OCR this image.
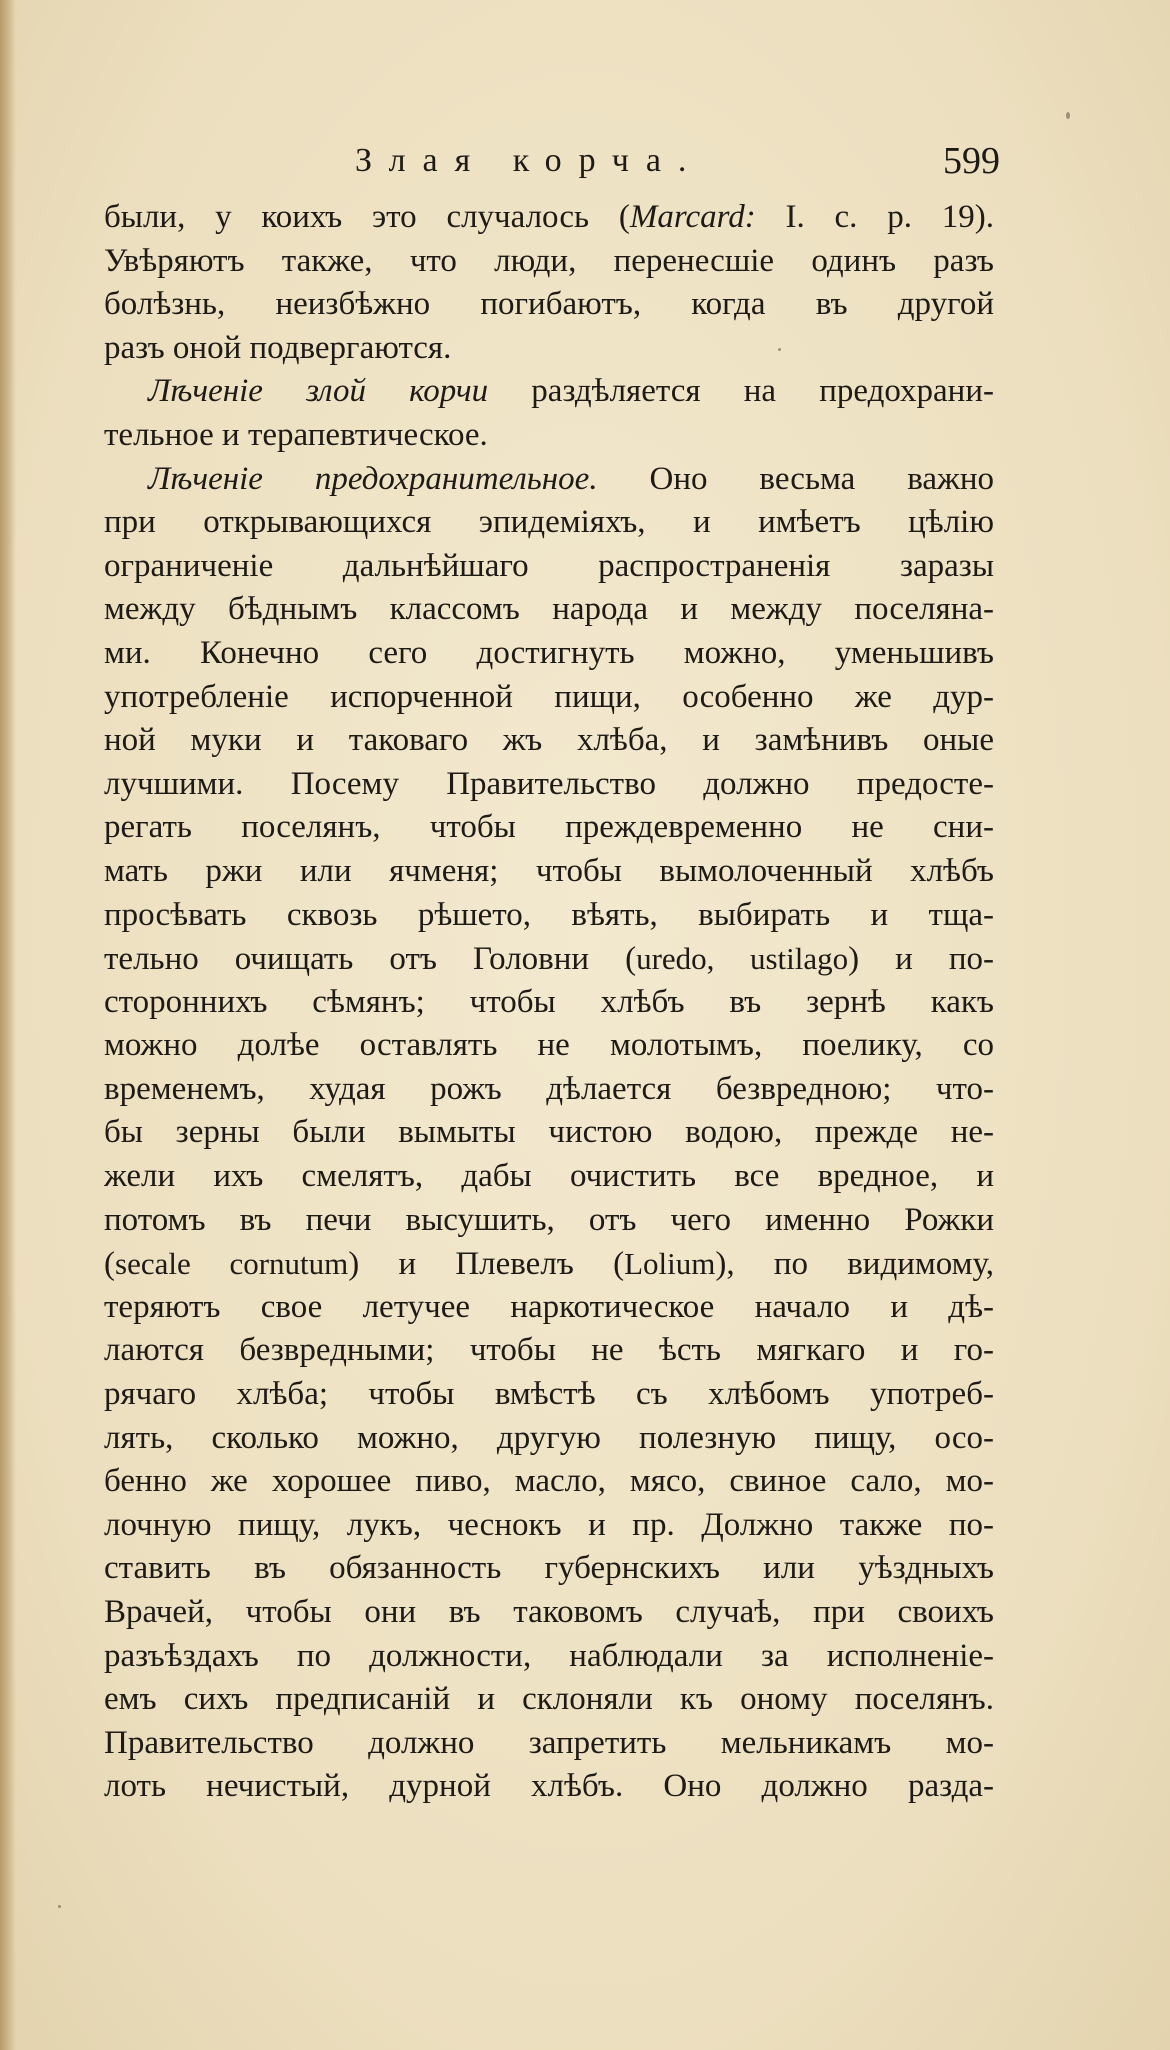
Злая корча.	599
были, у коихъ это случалось (Marcard: I. с. р. 19).
Увѣряютъ также, что люди, перенесшіе одинъ разъ
болѣзнь, неизбѣжно погибаютъ, когда въ другой
разъ оной подвергаются.
Лѣченіе злой корчи раздѣляется на предохрани-
тельное и терапевтическое.
Лѣченіе предохранительное. Оно весьма важно
при открывающихся эпидеміяхъ, и имѣетъ цѣлію
ограниченіе дальнѣйшаго распространенія заразы
между бѣднымъ классомъ народа и между поселяна-
ми. Конечно сего достигнуть можно, уменьшивъ
употребленіе испорченной пищи, особенно же дур-
ной муки и таковаго жъ хлѣба, и замѣнивъ оные
лучшими. Посему Правительство должно предосте-
регать поселянъ, чтобы преждевременно не сни-
мать ржи или ячменя; чтобы вымолоченный хлѣбъ
просѣвать сквозь рѣшето, вѣять, выбирать и тща-
тельно очищать отъ Головни (uredo, ustilago) и по-
стороннихъ сѣмянъ; чтобы хлѣбъ въ зернѣ какъ
можно долѣе оставлять не молотымъ, поелику, со
временемъ, худая рожъ дѣлается безвредною; что-
бы зерны были вымыты чистою водою, прежде не-
жели ихъ смелятъ, дабы очистить все вредное, и
потомъ въ печи высушить, отъ чего именно Рожки
(secale cornutum) и Плевелъ (Lolium), по видимому,
теряютъ свое летучее наркотическое начало и дѣ-
лаются безвредными; чтобы не ѣсть мягкаго и го-
рячаго хлѣба; чтобы вмѣстѣ съ хлѣбомъ употреб-
лять, сколько можно, другую полезную пищу, осо-
бенно же хорошее пиво, масло, мясо, свиное сало, мо-
лочную пищу, лукъ, чеснокъ и пр. Должно также по-
ставить въ обязанность губернскихъ или уѣздныхъ
Врачей, чтобы они въ таковомъ случаѣ, при своихъ
разъѣздахъ по должности, наблюдали за исполненіе-
емъ сихъ предписаній и склоняли къ оному поселянъ.
Правительство должно запретить мельникамъ мо-
лоть нечистый, дурной хлѣбъ. Оно должно разда-
